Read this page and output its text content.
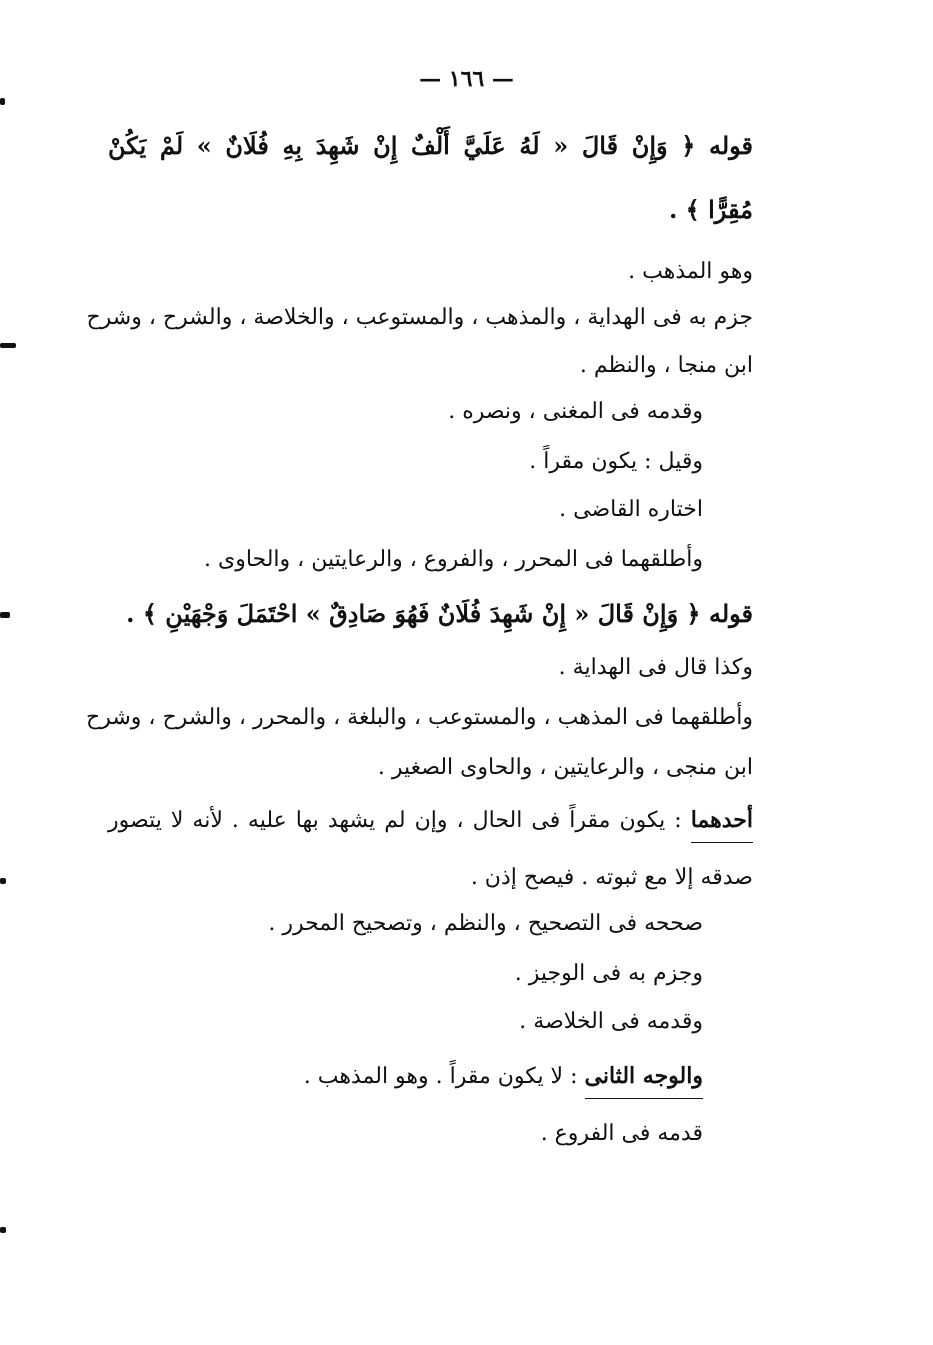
— ١٦٦ —
قوله ﴿ وَإِنْ قَالَ « لَهُ عَلَيَّ أَلْفٌ إِنْ شَهِدَ بِهِ فُلَانٌ » لَمْ يَكُنْ
مُقِرًّا ﴾ .
وهو المذهب .
جزم به فى الهداية ، والمذهب ، والمستوعب ، والخلاصة ، والشرح ، وشرح
ابن منجا ، والنظم .
وقدمه فى المغنى ، ونصره .
وقيل : يكون مقراً .
اختاره القاضى .
وأطلقهما فى المحرر ، والفروع ، والرعايتين ، والحاوى .
قوله ﴿ وَإِنْ قَالَ « إِنْ شَهِدَ فُلَانٌ فَهُوَ صَادِقٌ » احْتَمَلَ وَجْهَيْنِ ﴾ .
وكذا قال فى الهداية .
وأطلقهما فى المذهب ، والمستوعب ، والبلغة ، والمحرر ، والشرح ، وشرح
ابن منجى ، والرعايتين ، والحاوى الصغير .
أحدهما : يكون مقراً فى الحال ، وإن لم يشهد بها عليه . لأنه لا يتصور
صدقه إلا مع ثبوته . فيصح إذن .
صححه فى التصحيح ، والنظم ، وتصحيح المحرر .
وجزم به فى الوجيز .
وقدمه فى الخلاصة .
والوجه الثانى : لا يكون مقراً . وهو المذهب .
قدمه فى الفروع .
